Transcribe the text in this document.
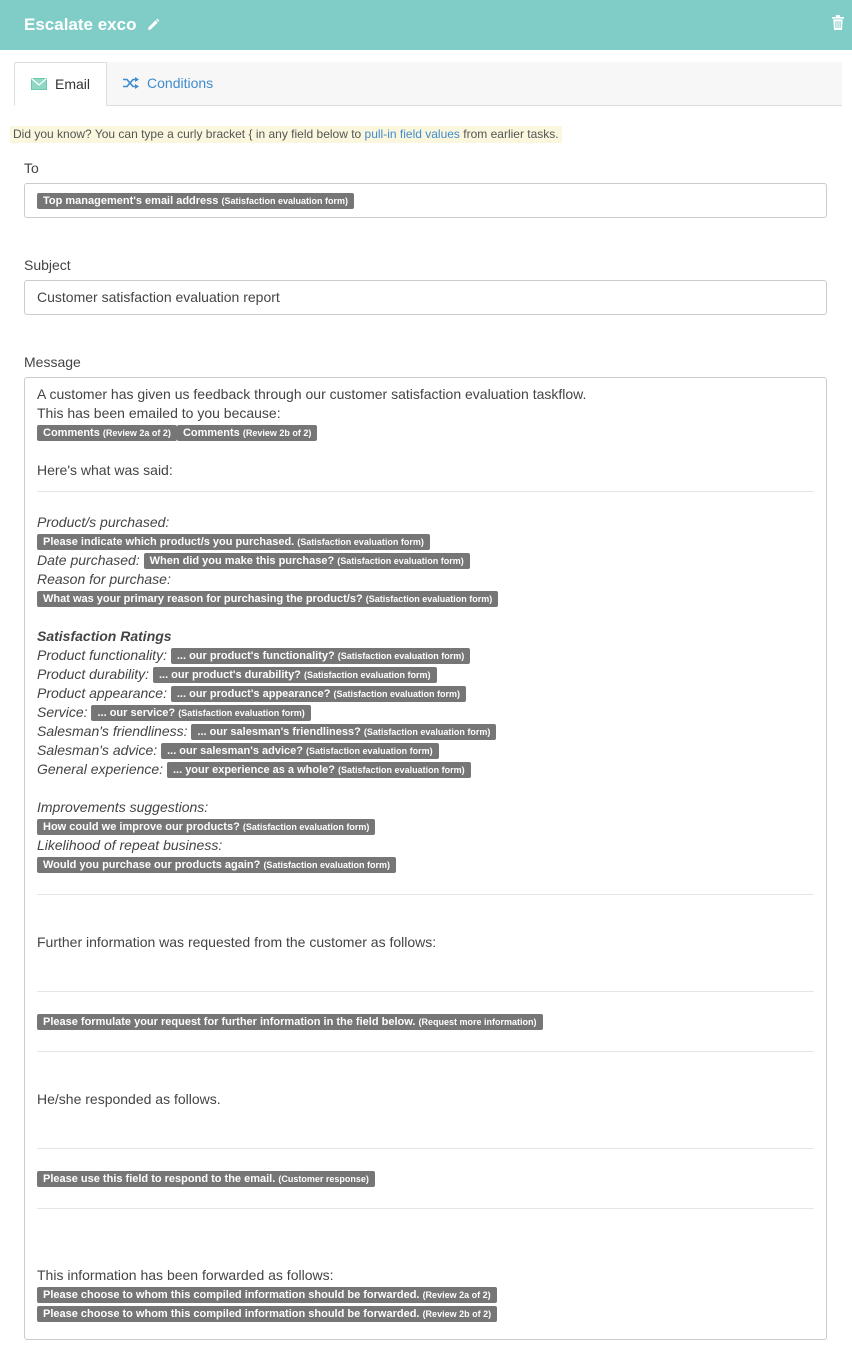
Escalate exco
Email	Conditions
Did you know? You can type a curly bracket { in any field below to pull-in field values from earlier tasks.
To
Top management's email address (Satisfaction evaluation form)
Subject
Customer satisfaction evaluation report
Message
A customer has given us feedback through our customer satisfaction evaluation taskflow.
This has been emailed to you because:
Comments (Review 2a of 2) Comments (Review 2b of 2)
Here's what was said:
Product/s purchased:
Please indicate which product/s you purchased. (Satisfaction evaluation form)
Date purchased: When did you make this purchase? (Satisfaction evaluation form)
Reason for purchase:
What was your primary reason for purchasing the product/s? (Satisfaction evaluation form)
Satisfaction Ratings
Product functionality: ... our product's functionality? (Satisfaction evaluation form)
Product durability: ... our product's durability? (Satisfaction evaluation form)
Product appearance: ... our product's appearance? (Satisfaction evaluation form)
Service: ... our service? (Satisfaction evaluation form)
Salesman's friendliness: ... our salesman's friendliness? (Satisfaction evaluation form)
Salesman's advice: ... our salesman's advice? (Satisfaction evaluation form)
General experience: ... your experience as a whole? (Satisfaction evaluation form)
Improvements suggestions:
How could we improve our products? (Satisfaction evaluation form)
Likelihood of repeat business:
Would you purchase our products again? (Satisfaction evaluation form)
Further information was requested from the customer as follows:
Please formulate your request for further information in the field below. (Request more information)
He/she responded as follows.
Please use this field to respond to the email. (Customer response)
This information has been forwarded as follows:
Please choose to whom this compiled information should be forwarded. (Review 2a of 2)
Please choose to whom this compiled information should be forwarded. (Review 2b of 2)
